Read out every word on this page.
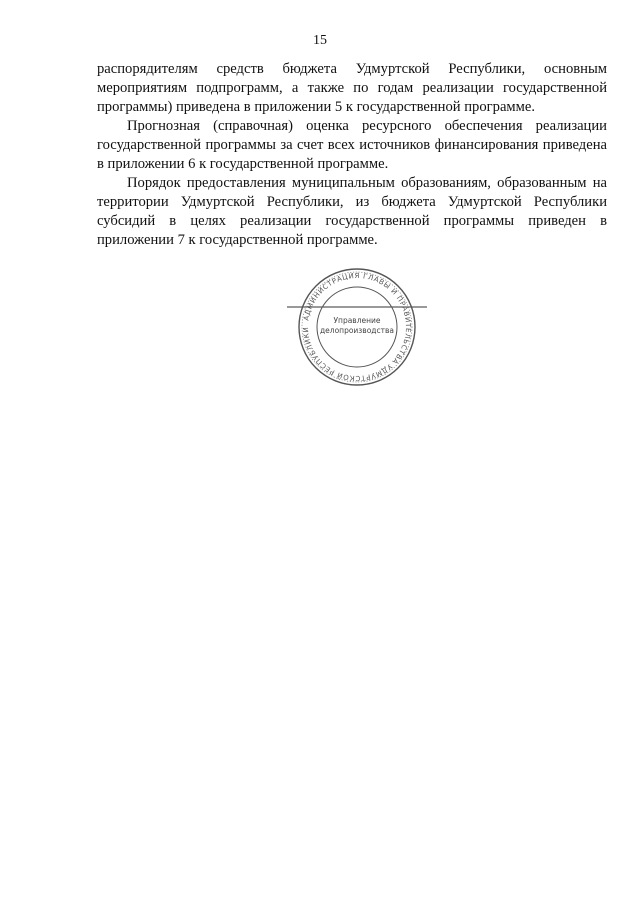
15

распорядителям средств бюджета Удмуртской Республики, основным мероприятиям подпрограмм, а также по годам реализации государственной программы) приведена в приложении 5 к государственной программе.

Прогнозная (справочная) оценка ресурсного обеспечения реализации государственной программы за счет всех источников финансирования приведена в приложении 6 к государственной программе.

Порядок предоставления муниципальным образованиям, образованным на территории Удмуртской Республики, из бюджета Удмуртской Республики субсидий в целях реализации государственной программы приведен в приложении 7 к государственной программе.

АДМИНИСТРАЦИЯ ГЛАВЫ И ПРАВИТЕЛЬСТВА УДМУРТСКОЙ РЕСПУБЛИКИ
Управление
делопроизводства
